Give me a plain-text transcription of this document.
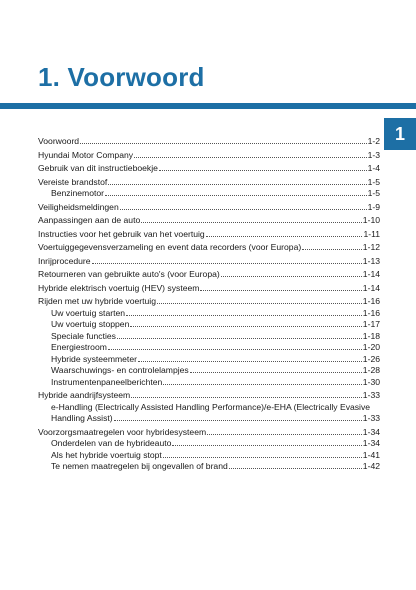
1. Voorwoord
1
Voorwoord	1-2
Hyundai Motor Company	1-3
Gebruik van dit instructieboekje	1-4
Vereiste brandstof	1-5
Benzinemotor	1-5
Veiligheidsmeldingen	1-9
Aanpassingen aan de auto	1-10
Instructies voor het gebruik van het voertuig	1-11
Voertuiggegevensverzameling en event data recorders (voor Europa)	1-12
Inrijprocedure	1-13
Retourneren van gebruikte auto's (voor Europa)	1-14
Hybride elektrisch voertuig (HEV) systeem	1-14
Rijden met uw hybride voertuig	1-16
Uw voertuig starten	1-16
Uw voertuig stoppen	1-17
Speciale functies	1-18
Energiestroom	1-20
Hybride systeemmeter	1-26
Waarschuwings- en controlelampjes	1-28
Instrumentenpaneelberichten	1-30
Hybride aandrijfsysteem	1-33
e-Handling (Electrically Assisted Handling Performance)/e-EHA (Electrically Evasive
Handling Assist)	1-33
Voorzorgsmaatregelen voor hybridesysteem	1-34
Onderdelen van de hybrideauto	1-34
Als het hybride voertuig stopt	1-41
Te nemen maatregelen bij ongevallen of brand	1-42
